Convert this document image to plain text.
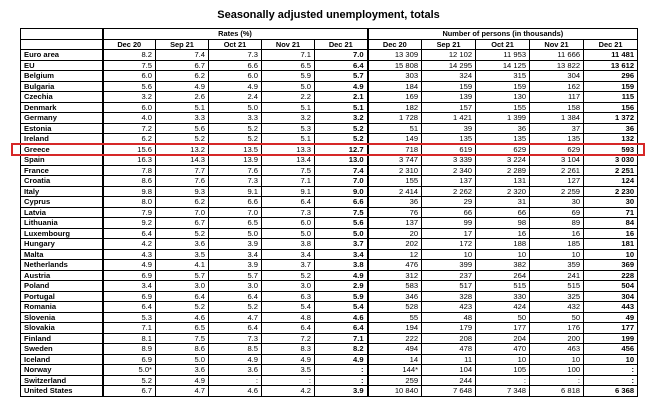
Seasonally adjusted unemployment, totals
	Rates (%)					Number of persons (in thousands)				
	Dec 20	Sep 21	Oct 21	Nov 21	Dec 21	Dec 20	Sep 21	Oct 21	Nov 21	Dec 21
Euro area	8.2	7.4	7.3	7.1	7.0	13 309	12 102	11 953	11 666	11 481
EU	7.5	6.7	6.6	6.5	6.4	15 808	14 295	14 125	13 822	13 612
Belgium	6.0	6.2	6.0	5.9	5.7	303	324	315	304	296
Bulgaria	5.6	4.9	4.9	5.0	4.9	184	159	159	162	159
Czechia	3.2	2.6	2.4	2.2	2.1	169	139	130	117	115
Denmark	6.0	5.1	5.0	5.1	5.1	182	157	155	158	156
Germany	4.0	3.3	3.3	3.2	3.2	1 728	1 421	1 399	1 384	1 372
Estonia	7.2	5.6	5.2	5.3	5.2	51	39	36	37	36
Ireland	6.2	5.2	5.2	5.1	5.2	149	135	135	135	132
Greece	15.6	13.2	13.5	13.3	12.7	718	619	629	629	593
Spain	16.3	14.3	13.9	13.4	13.0	3 747	3 339	3 224	3 104	3 030
France	7.8	7.7	7.6	7.5	7.4	2 310	2 340	2 289	2 261	2 251
Croatia	8.6	7.6	7.3	7.1	7.0	155	137	131	127	124
Italy	9.8	9.3	9.1	9.1	9.0	2 414	2 262	2 320	2 259	2 230
Cyprus	8.0	6.2	6.6	6.4	6.6	36	29	31	30	30
Latvia	7.9	7.0	7.0	7.3	7.5	76	66	66	69	71
Lithuania	9.2	6.7	6.5	6.0	5.6	137	99	98	89	84
Luxembourg	6.4	5.2	5.0	5.0	5.0	20	17	16	16	16
Hungary	4.2	3.6	3.9	3.8	3.7	202	172	188	185	181
Malta	4.3	3.5	3.4	3.4	3.4	12	10	10	10	10
Netherlands	4.9	4.1	3.9	3.7	3.8	476	399	382	359	369
Austria	6.9	5.7	5.7	5.2	4.9	312	237	264	241	228
Poland	3.4	3.0	3.0	3.0	2.9	583	517	515	515	504
Portugal	6.9	6.4	6.4	6.3	5.9	346	328	330	325	304
Romania	6.4	5.2	5.2	5.4	5.4	528	423	424	432	443
Slovenia	5.3	4.6	4.7	4.8	4.6	55	48	50	50	49
Slovakia	7.1	6.5	6.4	6.4	6.4	194	179	177	176	177
Finland	8.1	7.5	7.3	7.2	7.1	222	208	204	200	199
Sweden	8.9	8.6	8.5	8.3	8.2	494	478	470	463	456
Iceland	6.9	5.0	4.9	4.9	4.9	14	11	10	10	10
Norway	5.0*	3.6	3.6	3.5	:	144*	104	105	100	:
Switzerland	5.2	4.9	:	:	:	259	244	:	:	:
United States	6.7	4.7	4.6	4.2	3.9	10 840	7 648	7 348	6 818	6 368
